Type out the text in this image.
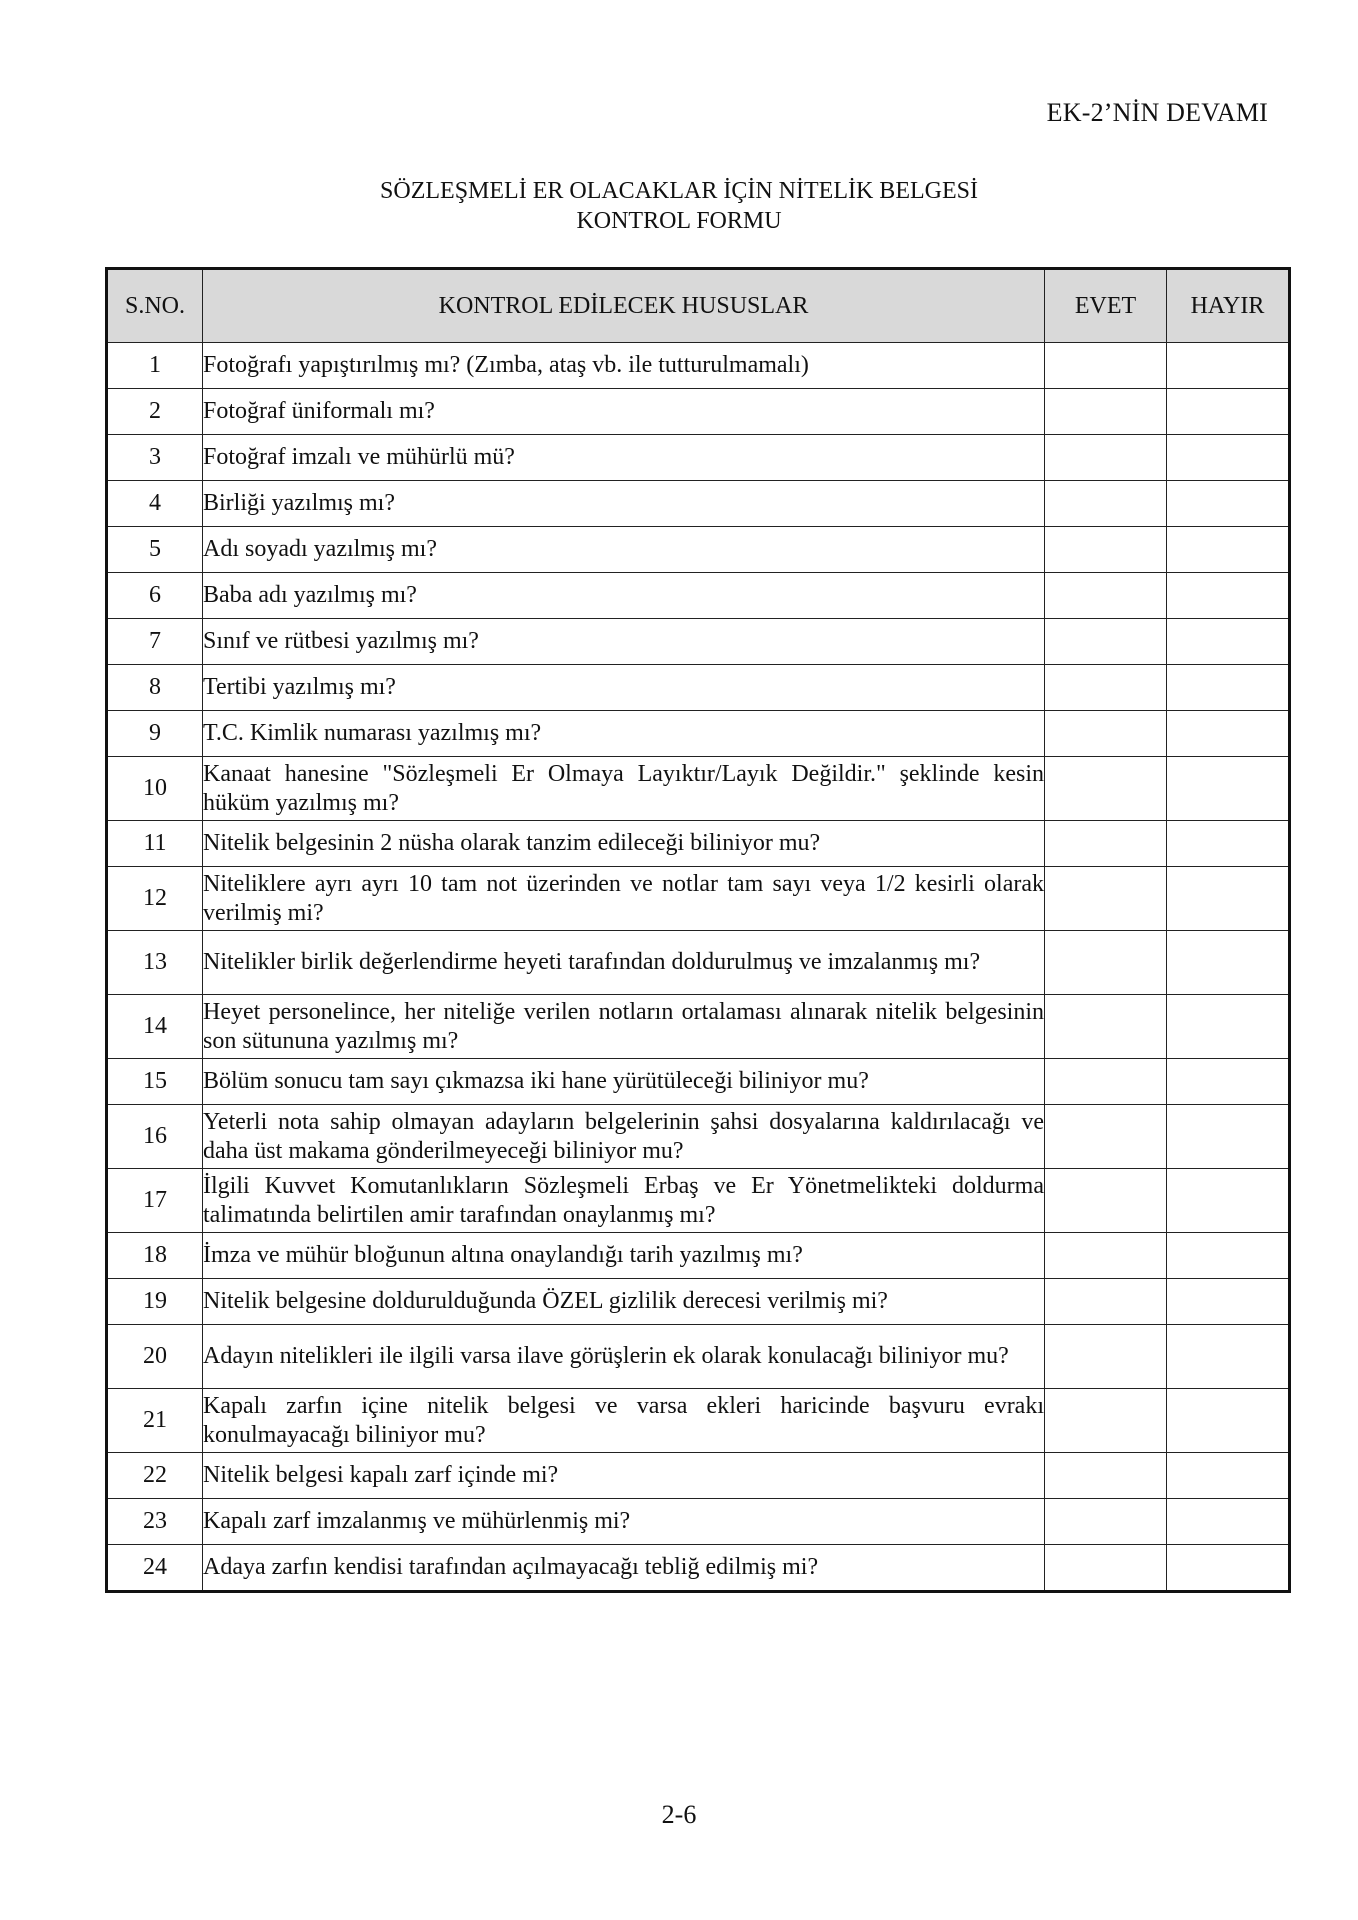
EK-2’NİN DEVAMI
SÖZLEŞMELİ ER OLACAKLAR İÇİN NİTELİK BELGESİ
KONTROL FORMU
S.NO.	KONTROL EDİLECEK HUSUSLAR	EVET	HAYIR
1	Fotoğrafı yapıştırılmış mı? (Zımba, ataş vb. ile tutturulmamalı)		
2	Fotoğraf üniformalı mı?		
3	Fotoğraf imzalı ve mühürlü mü?		
4	Birliği yazılmış mı?		
5	Adı soyadı yazılmış mı?		
6	Baba adı yazılmış mı?		
7	Sınıf ve rütbesi yazılmış mı?		
8	Tertibi yazılmış mı?		
9	T.C. Kimlik numarası yazılmış mı?		
10	Kanaat hanesine "Sözleşmeli Er Olmaya Layıktır/Layık Değildir." şeklinde kesin hüküm yazılmış mı?		
11	Nitelik belgesinin 2 nüsha olarak tanzim edileceği biliniyor mu?		
12	Niteliklere ayrı ayrı 10 tam not üzerinden ve notlar tam sayı veya 1/2 kesirli olarak verilmiş mi?		
13	Nitelikler birlik değerlendirme heyeti tarafından doldurulmuş ve imzalanmış mı?		
14	Heyet personelince, her niteliğe verilen notların ortalaması alınarak nitelik belgesinin son sütununa yazılmış mı?		
15	Bölüm sonucu tam sayı çıkmazsa iki hane yürütüleceği biliniyor mu?		
16	Yeterli nota sahip olmayan adayların belgelerinin şahsi dosyalarına kaldırılacağı ve daha üst makama gönderilmeyeceği biliniyor mu?		
17	İlgili Kuvvet Komutanlıkların Sözleşmeli Erbaş ve Er Yönetmelikteki doldurma talimatında belirtilen amir tarafından onaylanmış mı?		
18	İmza ve mühür bloğunun altına onaylandığı tarih yazılmış mı?		
19	Nitelik belgesine doldurulduğunda ÖZEL gizlilik derecesi verilmiş mi?		
20	Adayın nitelikleri ile ilgili varsa ilave görüşlerin ek olarak konulacağı biliniyor mu?		
21	Kapalı zarfın içine nitelik belgesi ve varsa ekleri haricinde başvuru evrakı konulmayacağı biliniyor mu?		
22	Nitelik belgesi kapalı zarf içinde mi?		
23	Kapalı zarf imzalanmış ve mühürlenmiş mi?		
24	Adaya zarfın kendisi tarafından açılmayacağı tebliğ edilmiş mi?		
2-6
